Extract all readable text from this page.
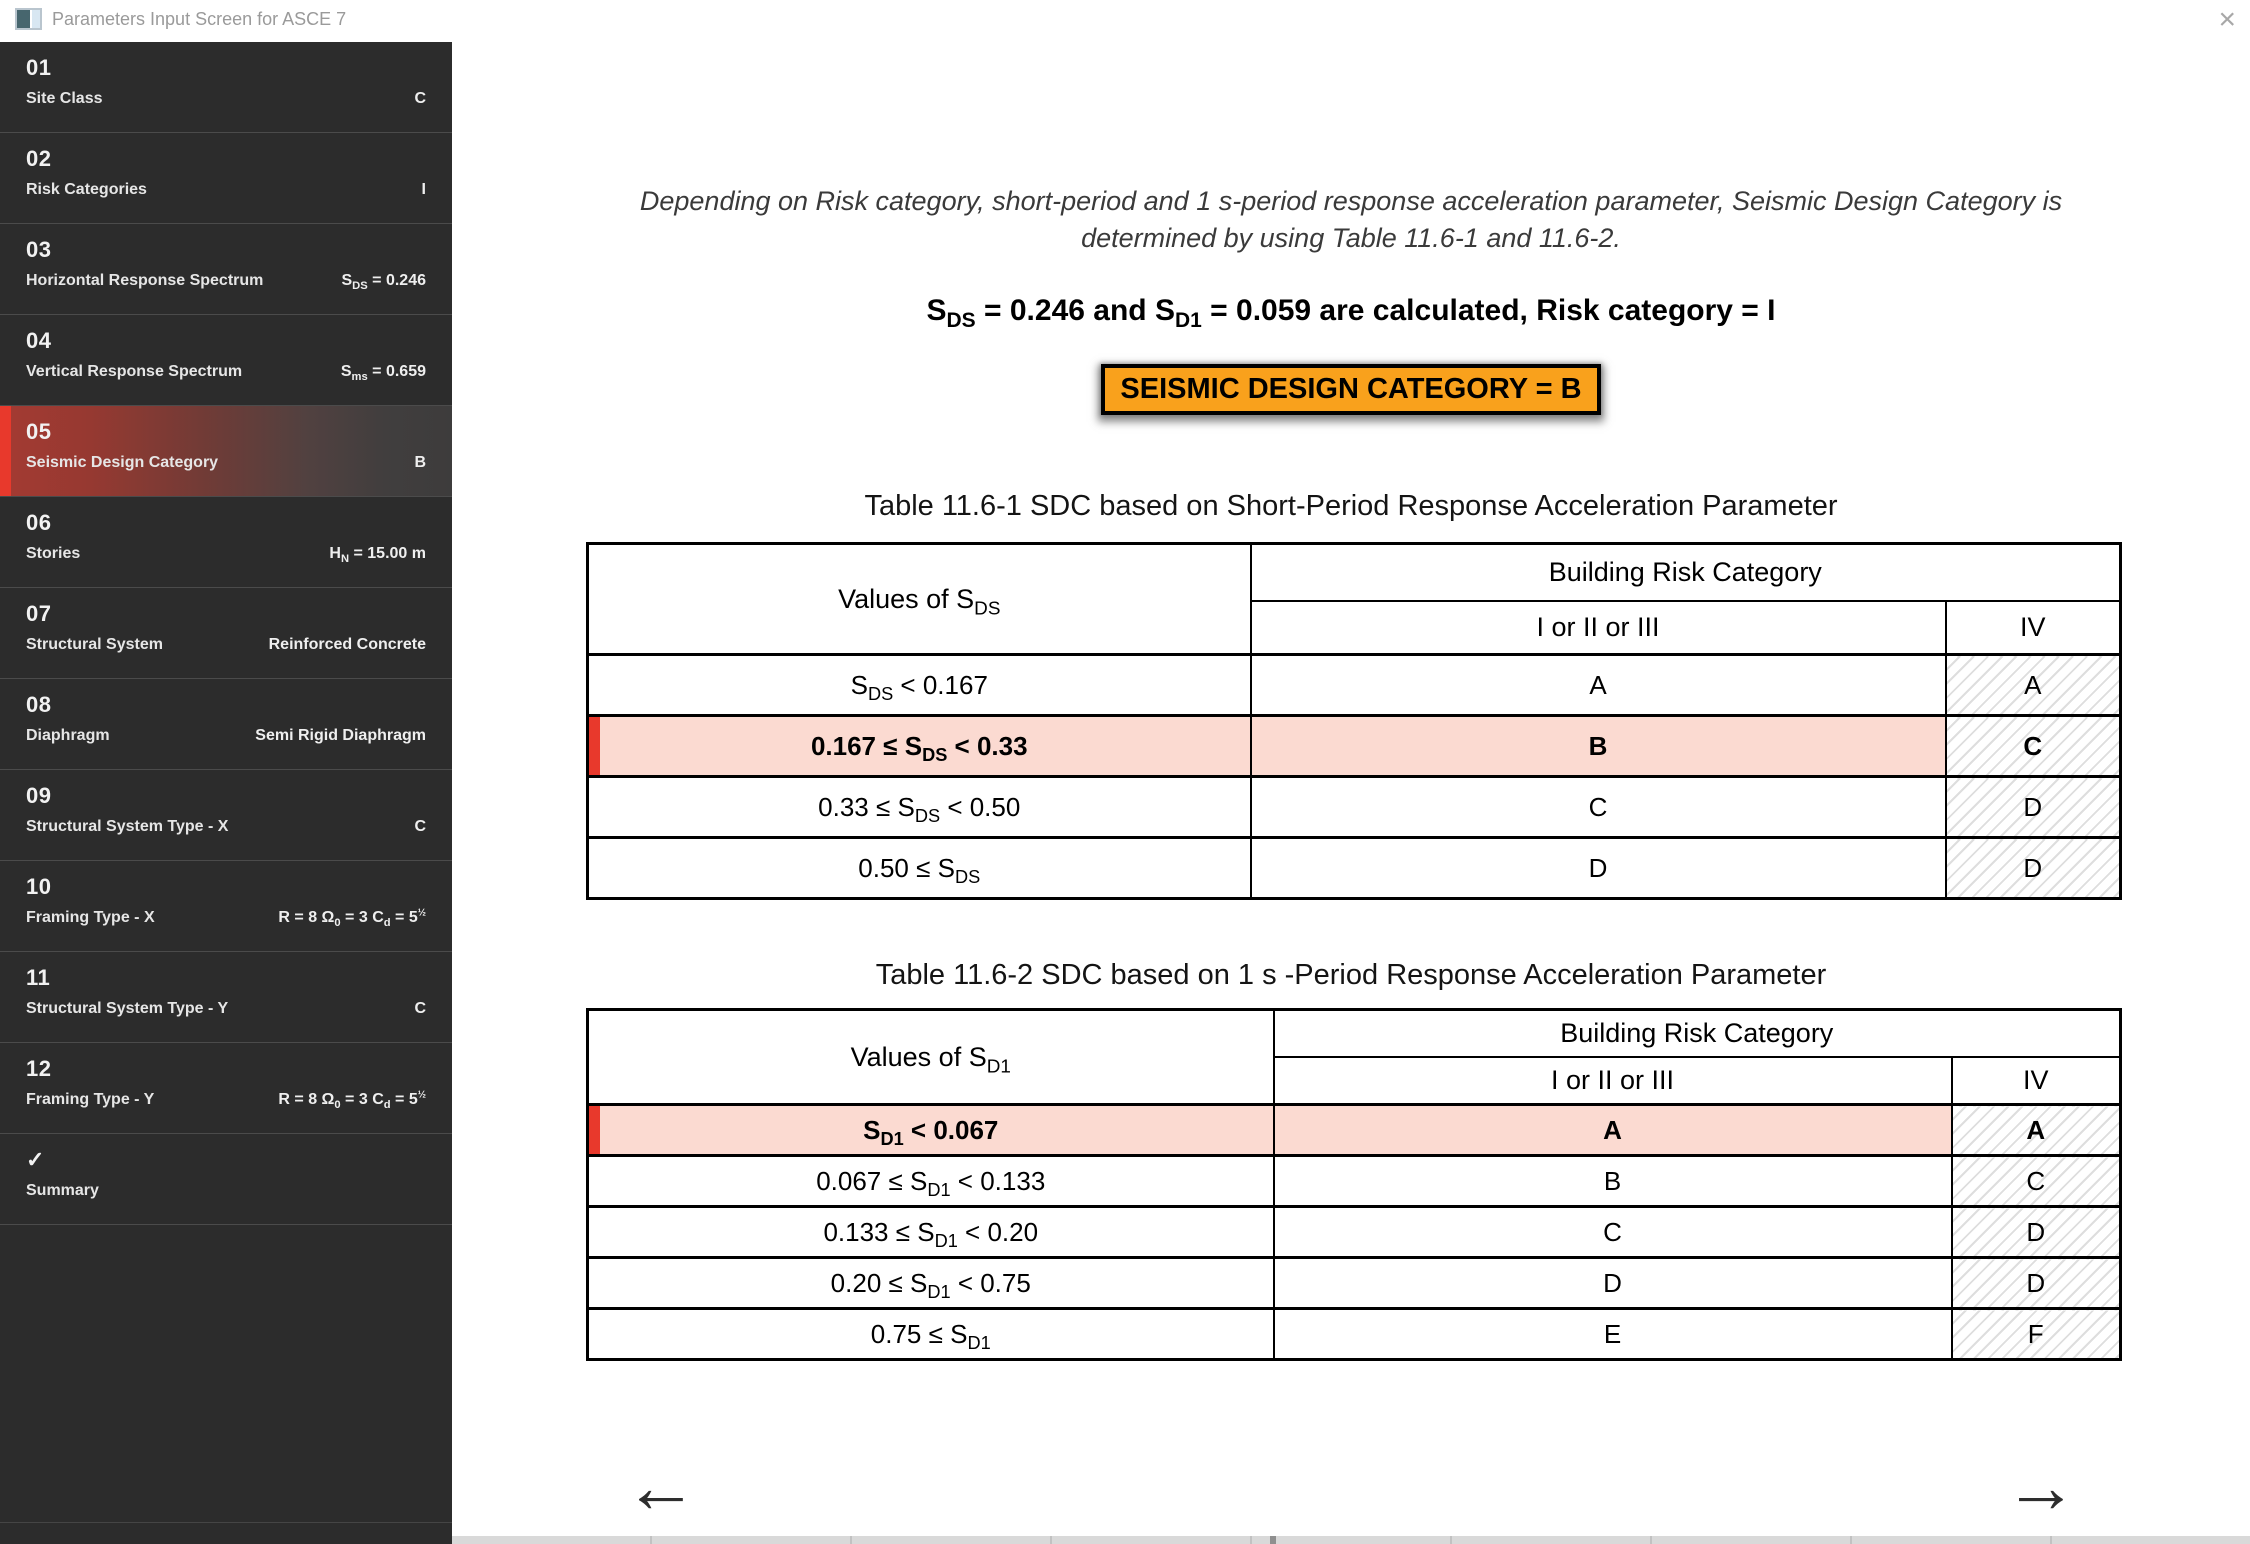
Parameters Input Screen for ASCE 7	×
01
Site Class	C
02
Risk Categories	I
03
Horizontal Response Spectrum	$S_{DS} = 0.246$
04
Vertical Response Spectrum	$S_{ms} = 0.659$
05
Seismic Design Category	B
06
Stories	$H_N = 15.00$ m
07
Structural System	Reinforced Concrete
08
Diaphragm	Semi Rigid Diaphragm
09
Structural System Type - X	C
10
Framing Type - X	R = 8 $\Omega_0 = 3$ $C_d = 5^{\frac{1}{2}}$
11
Structural System Type - Y	C
12
Framing Type - Y	R = 8 $\Omega_0 = 3$ $C_d = 5^{\frac{1}{2}}$
✓
Summary
Depending on Risk category, short-period and 1 s-period response acceleration parameter, Seismic Design Category is
determined by using Table 11.6-1 and 11.6-2.
$S_{DS} = 0.246$ and $S_{D1} = 0.059$ are calculated, Risk category = I
SEISMIC DESIGN CATEGORY = B
Table 11.6-1 SDC based on Short-Period Response Acceleration Parameter
Values of $S_{DS}$	Building Risk Category	
	I or II or III	IV
$S_{DS} < 0.167$	A	A
$0.167 \le S_{DS} < 0.33$	B	C
$0.33 \le S_{DS} < 0.50$	C	D
$0.50 \le S_{DS}$	D	D
Table 11.6-2 SDC based on 1 s -Period Response Acceleration Parameter
Values of $S_{D1}$	Building Risk Category	
	I or II or III	IV
$S_{D1} < 0.067$	A	A
$0.067 \le S_{D1} < 0.133$	B	C
$0.133 \le S_{D1} < 0.20$	C	D
$0.20 \le S_{D1} < 0.75$	D	D
$0.75 \le S_{D1}$	E	F
←	→
